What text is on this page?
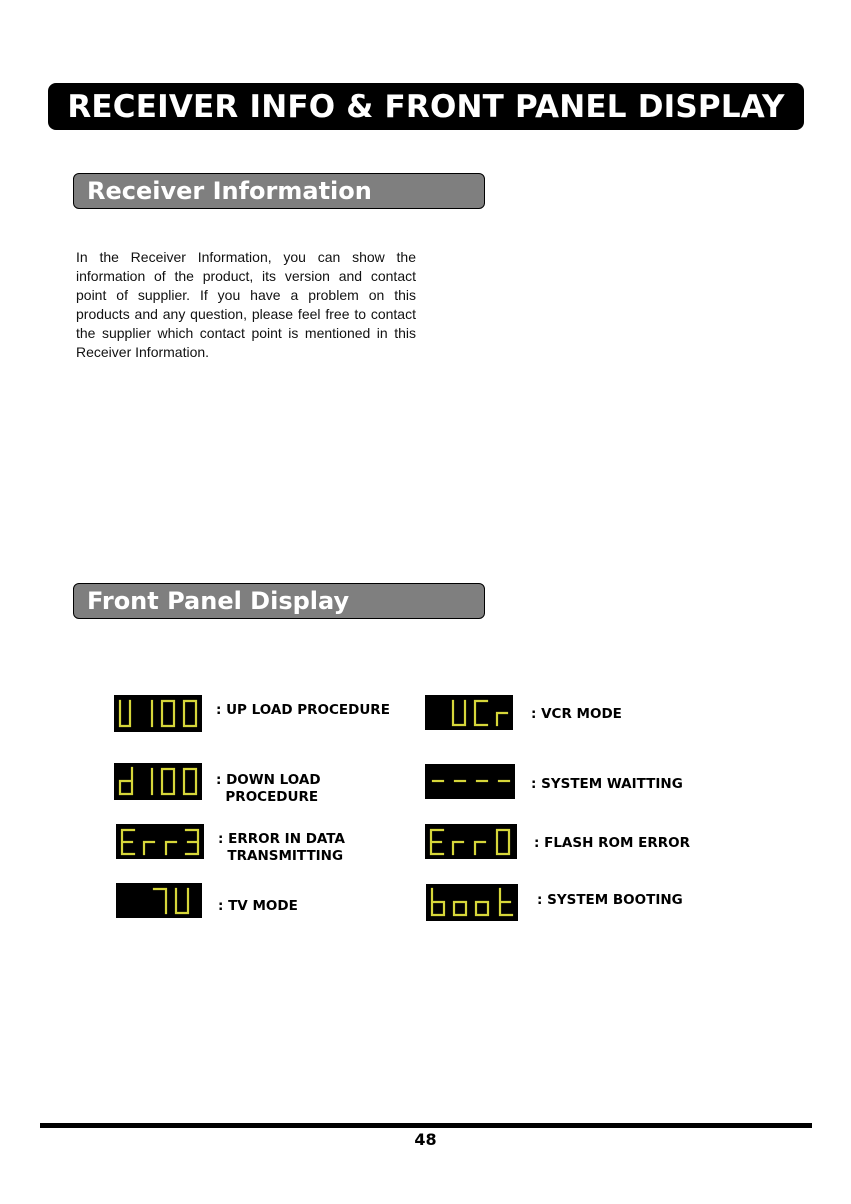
RECEIVER INFO & FRONT PANEL DISPLAY
Receiver Information

In the Receiver Information, you can show the information of the product, its version and contact point of supplier. If you have a problem on this products and any question, please feel free to contact the supplier which contact point is mentioned in this Receiver Information.

Front Panel Display
: UP LOAD PROCEDURE
: DOWN LOAD
PROCEDURE
: ERROR IN DATA
TRANSMITTING
: TV MODE
: VCR MODE
: SYSTEM WAITTING
: FLASH ROM ERROR
: SYSTEM BOOTING
48
